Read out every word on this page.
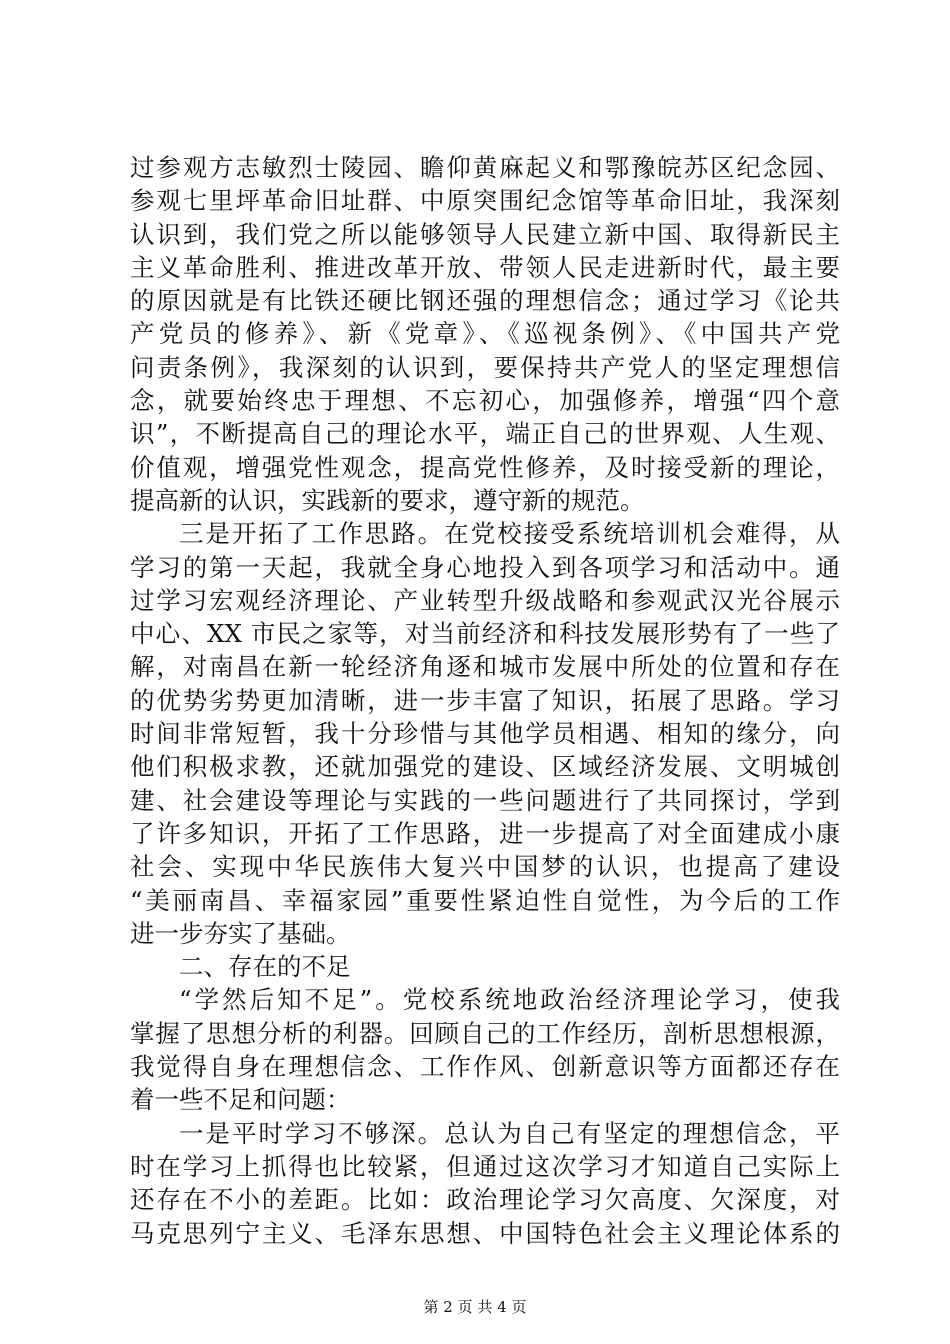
过参观方志敏烈士陵园、瞻仰黄麻起义和鄂豫皖苏区纪念园、
参观七里坪革命旧址群、中原突围纪念馆等革命旧址，我深刻
认识到，我们党之所以能够领导人民建立新中国、取得新民主
主义革命胜利、推进改革开放、带领人民走进新时代，最主要
的原因就是有比铁还硬比钢还强的理想信念；通过学习《论共
产党员的修养》、新《党章》、《巡视条例》、《中国共产党
问责条例》，我深刻的认识到，要保持共产党人的坚定理想信
念，就要始终忠于理想、不忘初心，加强修养，增强“四个意
识”，不断提高自己的理论水平，端正自己的世界观、人生观、
价值观，增强党性观念，提高党性修养，及时接受新的理论，
提高新的认识，实践新的要求，遵守新的规范。
三是开拓了工作思路。在党校接受系统培训机会难得，从
学习的第一天起，我就全身心地投入到各项学习和活动中。通
过学习宏观经济理论、产业转型升级战略和参观武汉光谷展示
中心、XX 市民之家等，对当前经济和科技发展形势有了一些了
解，对南昌在新一轮经济角逐和城市发展中所处的位置和存在
的优势劣势更加清晰，进一步丰富了知识，拓展了思路。学习
时间非常短暂，我十分珍惜与其他学员相遇、相知的缘分，向
他们积极求教，还就加强党的建设、区域经济发展、文明城创
建、社会建设等理论与实践的一些问题进行了共同探讨，学到
了许多知识，开拓了工作思路，进一步提高了对全面建成小康
社会、实现中华民族伟大复兴中国梦的认识，也提高了建设
“美丽南昌、幸福家园”重要性紧迫性自觉性，为今后的工作
进一步夯实了基础。
二、存在的不足
“学然后知不足”。党校系统地政治经济理论学习，使我
掌握了思想分析的利器。回顾自己的工作经历，剖析思想根源，
我觉得自身在理想信念、工作作风、创新意识等方面都还存在
着一些不足和问题：
一是平时学习不够深。总认为自己有坚定的理想信念，平
时在学习上抓得也比较紧，但通过这次学习才知道自己实际上
还存在不小的差距。比如：政治理论学习欠高度、欠深度，对
马克思列宁主义、毛泽东思想、中国特色社会主义理论体系的
第 2 页 共 4 页
